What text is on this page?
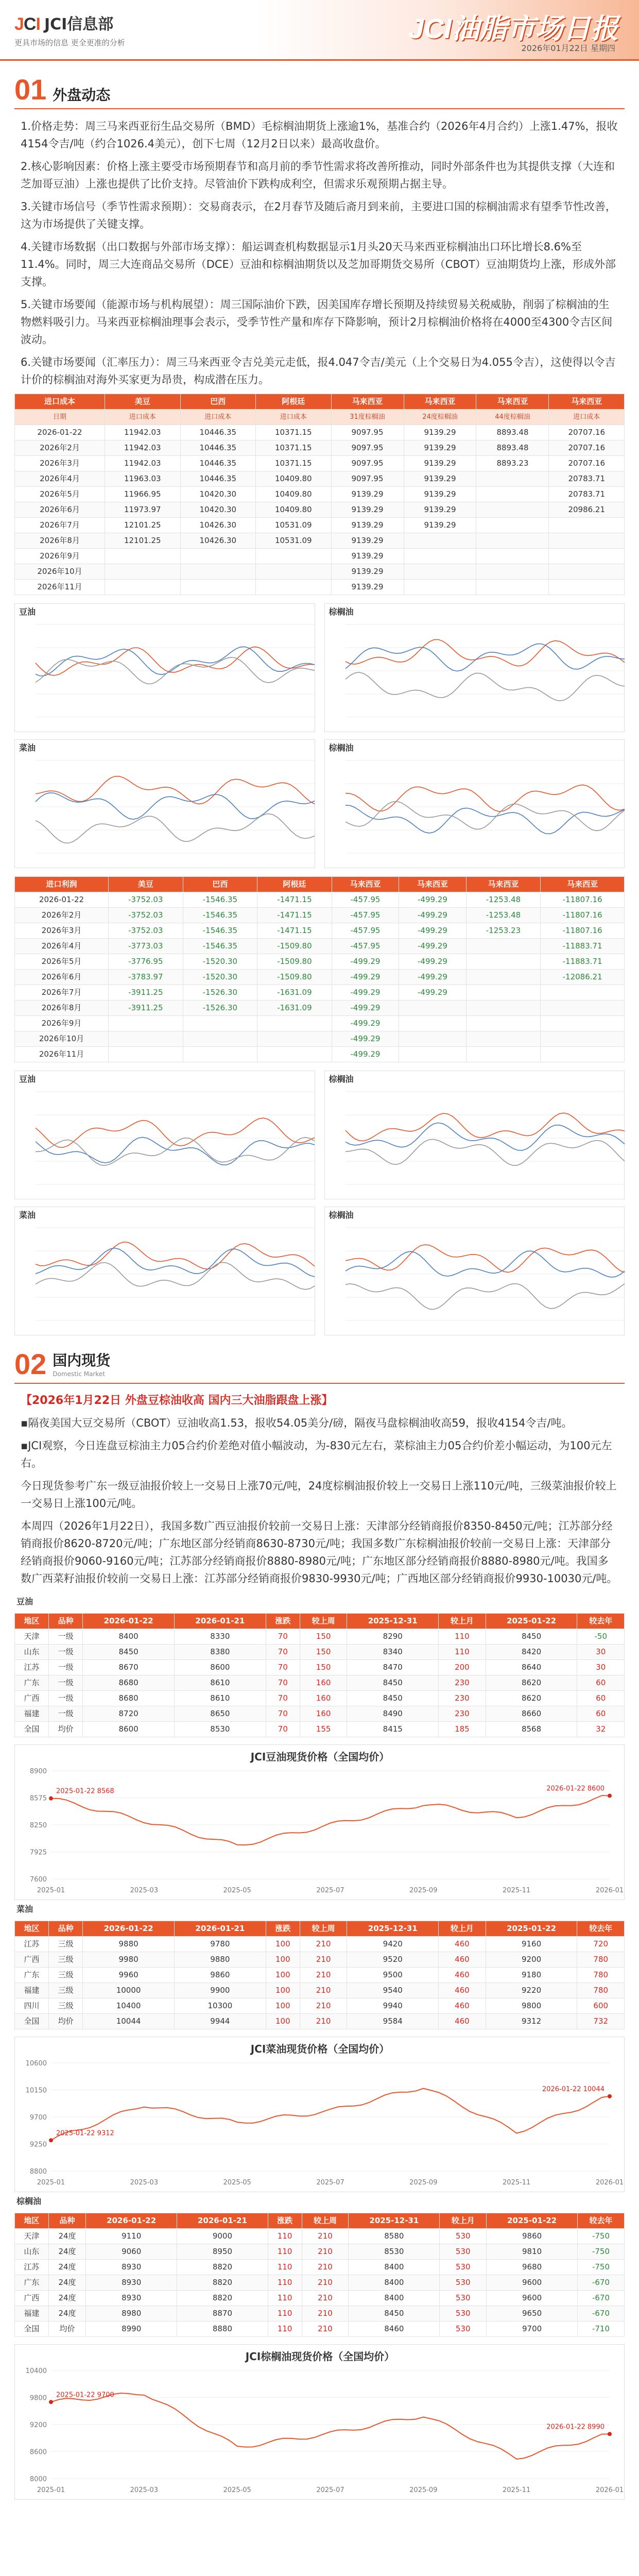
JCI JCI信息部
更具市场的信息 更全更准的分析	JCI油脂市场日报
2026年01月22日 星期四
01 外盘动态

1.价格走势：周三马来西亚衍生品交易所（BMD）毛棕榈油期货上涨逾1%，基准合约（2026年4月合约）上涨1.47%，报收4154令吉/吨（约合1026.4美元），创下七周（12月2日以来）最高收盘价。

2.核心影响因素：价格上涨主要受市场预期春节和高月前的季节性需求将改善所推动，同时外部条件也为其提供支撑（大连和芝加哥豆油）上涨也提供了比价支持。尽管油价下跌构成利空，但需求乐观预期占据主导。

3.关键市场信号（季节性需求预期）：交易商表示，在2月春节及随后斋月到来前，主要进口国的棕榈油需求有望季节性改善，这为市场提供了关键支撑。

4.关键市场数据（出口数据与外部市场支撑）：船运调查机构数据显示1月头20天马来西亚棕榈油出口环比增长8.6%至11.4%。同时，周三大连商品交易所（DCE）豆油和棕榈油期货以及芝加哥期货交易所（CBOT）豆油期货均上涨，形成外部支撑。

5.关键市场要闻（能源市场与机构展望）：周三国际油价下跌，因美国库存增长预期及持续贸易关税威胁，削弱了棕榈油的生物燃料吸引力。马来西亚棕榈油理事会表示，受季节性产量和库存下降影响，预计2月棕榈油价格将在4000至4300令吉区间波动。

6.关键市场要闻（汇率压力）：周三马来西亚令吉兑美元走低，报4.047令吉/美元（上个交易日为4.055令吉），这使得以令吉计价的棕榈油对海外买家更为昂贵，构成潜在压力。

进口成本	美豆	巴西	阿根廷	马来西亚	马来西亚	马来西亚	马来西亚
日期	进口成本	进口成本	进口成本	31度棕榈油	24度棕榈油	44度棕榈油	进口成本
2026-01-22	11942.03	10446.35	10371.15	9097.95	9139.29	8893.48	20707.16
2026年2月	11942.03	10446.35	10371.15	9097.95	9139.29	8893.48	20707.16
2026年3月	11942.03	10446.35	10371.15	9097.95	9139.29	8893.23	20707.16
2026年4月	11963.03	10446.35	10409.80	9097.95	9139.29		20783.71
2026年5月	11966.95	10420.30	10409.80	9139.29	9139.29		20783.71
2026年6月	11973.97	10420.30	10409.80	9139.29	9139.29		20986.21
2026年7月	12101.25	10426.30	10531.09	9139.29	9139.29		
2026年8月	12101.25	10426.30	10531.09	9139.29			
2026年9月				9139.29			
2026年10月				9139.29			
2026年11月				9139.29			
豆油	棕榈油
菜油	棕榈油
进口利润	美豆	巴西	阿根廷	马来西亚	马来西亚	马来西亚	马来西亚
2026-01-22	-3752.03	-1546.35	-1471.15	-457.95	-499.29	-1253.48	-11807.16
2026年2月	-3752.03	-1546.35	-1471.15	-457.95	-499.29	-1253.48	-11807.16
2026年3月	-3752.03	-1546.35	-1471.15	-457.95	-499.29	-1253.23	-11807.16
2026年4月	-3773.03	-1546.35	-1509.80	-457.95	-499.29		-11883.71
2026年5月	-3776.95	-1520.30	-1509.80	-499.29	-499.29		-11883.71
2026年6月	-3783.97	-1520.30	-1509.80	-499.29	-499.29		-12086.21
2026年7月	-3911.25	-1526.30	-1631.09	-499.29	-499.29		
2026年8月	-3911.25	-1526.30	-1631.09	-499.29			
2026年9月				-499.29			
2026年10月				-499.29			
2026年11月				-499.29			
豆油	棕榈油
菜油	棕榈油
02 国内现货
Domestic Market
【2026年1月22日 外盘豆棕油收高 国内三大油脂跟盘上涨】

▪隔夜美国大豆交易所（CBOT）豆油收高1.53，报收54.05美分/磅，隔夜马盘棕榈油收高59，报收4154令吉/吨。

▪JCI观察，今日连盘豆棕油主力05合约价差绝对值小幅波动，为-830元左右，菜棕油主力05合约价差小幅运动，为100元左右。

今日现货参考广东一级豆油报价较上一交易日上涨70元/吨，24度棕榈油报价较上一交易日上涨110元/吨，三级菜油报价较上一交易日上涨100元/吨。

本周四（2026年1月22日），我国多数广西豆油报价较前一交易日上涨：天津部分经销商报价8350-8450元/吨；江苏部分经销商报价8620-8720元/吨；广东地区部分经销商8630-8730元/吨；我国多数广东棕榈油报价较前一交易日上涨：天津部分经销商报价9060-9160元/吨；江苏部分经销商报价8880-8980元/吨；广东地区部分经销商报价8880-8980元/吨。我国多数广西菜籽油报价较前一交易日上涨：江苏部分经销商报价9830-9930元/吨；广西地区部分经销商报价9930-10030元/吨。

豆油
地区	品种	2026-01-22	2026-01-21	涨跌	较上周	2025-12-31	较上月	2025-01-22	较去年
天津	一级	8400	8330	70	150	8290	110	8450	-50
山东	一级	8450	8380	70	150	8340	110	8420	30
江苏	一级	8670	8600	70	150	8470	200	8640	30
广东	一级	8680	8610	70	160	8450	230	8620	60
广西	一级	8680	8610	70	160	8450	230	8620	60
福建	一级	8720	8650	70	160	8490	230	8660	60
全国	均价	8600	8530	70	155	8415	185	8568	32
JCI豆油现货价格（全国均价）
7600
7925
8250
8575
8900
2025-01	2025-03	2025-05	2025-07	2025-09	2025-11	2026-01
2025-01-22 8568	2026-01-22 8600
菜油
地区	品种	2026-01-22	2026-01-21	涨跌	较上周	2025-12-31	较上月	2025-01-22	较去年
江苏	三级	9880	9780	100	210	9420	460	9160	720
广西	三级	9980	9880	100	210	9520	460	9200	780
广东	三级	9960	9860	100	210	9500	460	9180	780
福建	三级	10000	9900	100	210	9540	460	9220	780
四川	三级	10400	10300	100	210	9940	460	9800	600
全国	均价	10044	9944	100	210	9584	460	9312	732
JCI菜油现货价格（全国均价）
8800
9250
9700
10150
10600
2025-01	2025-03	2025-05	2025-07	2025-09	2025-11	2026-01
2025-01-22 9312
2026-01-22 10044
棕榈油
地区	品种	2026-01-22	2026-01-21	涨跌	较上周	2025-12-31	较上月	2025-01-22	较去年
天津	24度	9110	9000	110	210	8580	530	9860	-750
山东	24度	9060	8950	110	210	8530	530	9810	-750
江苏	24度	8930	8820	110	210	8400	530	9680	-750
广东	24度	8930	8820	110	210	8400	530	9600	-670
广西	24度	8930	8820	110	210	8400	530	9600	-670
福建	24度	8980	8870	110	210	8450	530	9650	-670
全国	均价	8990	8880	110	210	8460	530	9700	-710
JCI棕榈油现货价格（全国均价）
8000
8600
9200
9800
10400
2025-01	2025-03	2025-05	2025-07	2025-09	2025-11	2026-01
2025-01-22 9700
2026-01-22 8990
